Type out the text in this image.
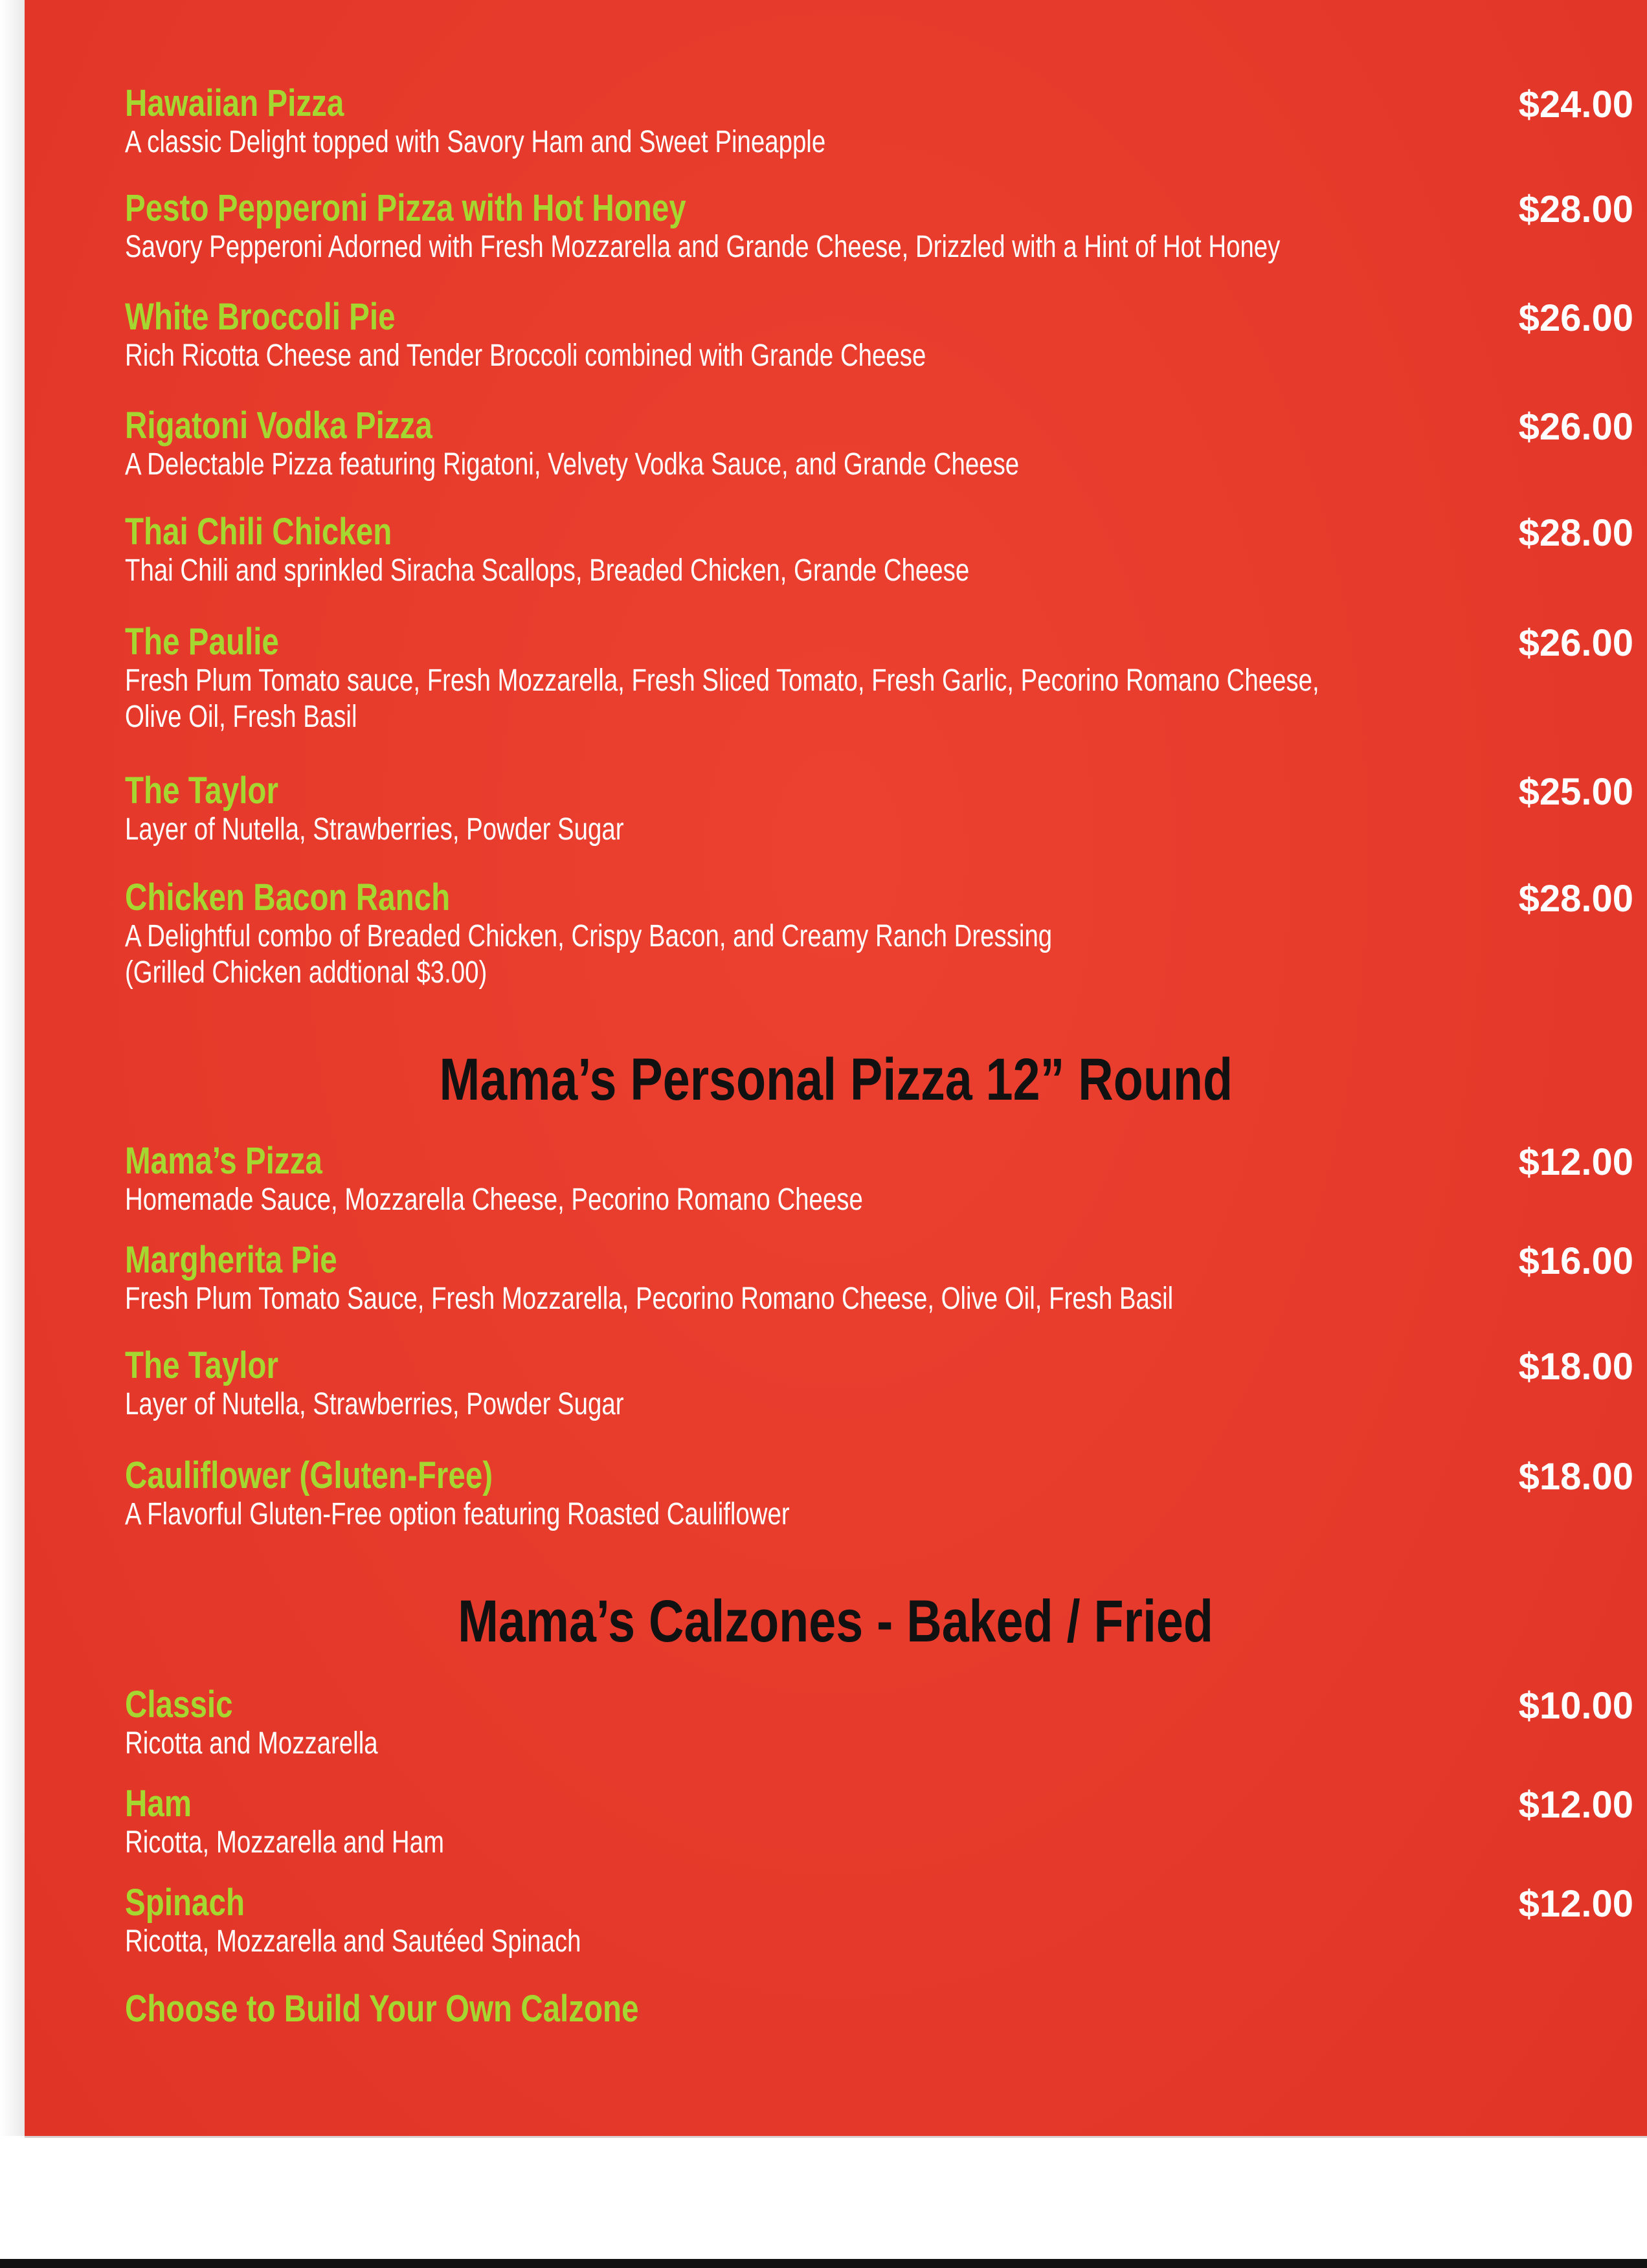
Mama’s Personal Pizza 12” Round
Mama’s Calzones - Baked / Fried
Choose to Build Your Own Calzone
Hawaiian Pizza
A classic Delight topped with Savory Ham and Sweet Pineapple
$24.00
Pesto Pepperoni Pizza with Hot Honey
Savory Pepperoni Adorned with Fresh Mozzarella and Grande Cheese, Drizzled with a Hint of Hot Honey
$28.00
White Broccoli Pie
Rich Ricotta Cheese and Tender Broccoli combined with Grande Cheese
$26.00
Rigatoni Vodka Pizza
A Delectable Pizza featuring Rigatoni, Velvety Vodka Sauce, and Grande Cheese
$26.00
Thai Chili Chicken
Thai Chili and sprinkled Siracha Scallops, Breaded Chicken, Grande Cheese
$28.00
The Paulie
Fresh Plum Tomato sauce, Fresh Mozzarella, Fresh Sliced Tomato, Fresh Garlic, Pecorino Romano Cheese,
Olive Oil, Fresh Basil
$26.00
The Taylor
Layer of Nutella, Strawberries, Powder Sugar
$25.00
Chicken Bacon Ranch
A Delightful combo of Breaded Chicken, Crispy Bacon, and Creamy Ranch Dressing
(Grilled Chicken addtional $3.00)
$28.00
Mama’s Pizza
Homemade Sauce, Mozzarella Cheese, Pecorino Romano Cheese
$12.00
Margherita Pie
Fresh Plum Tomato Sauce, Fresh Mozzarella, Pecorino Romano Cheese, Olive Oil, Fresh Basil
$16.00
The Taylor
Layer of Nutella, Strawberries, Powder Sugar
$18.00
Cauliflower (Gluten-Free)
A Flavorful Gluten-Free option featuring Roasted Cauliflower
$18.00
Classic
Ricotta and Mozzarella
$10.00
Ham
Ricotta, Mozzarella and Ham
$12.00
Spinach
Ricotta, Mozzarella and Sautéed Spinach
$12.00
